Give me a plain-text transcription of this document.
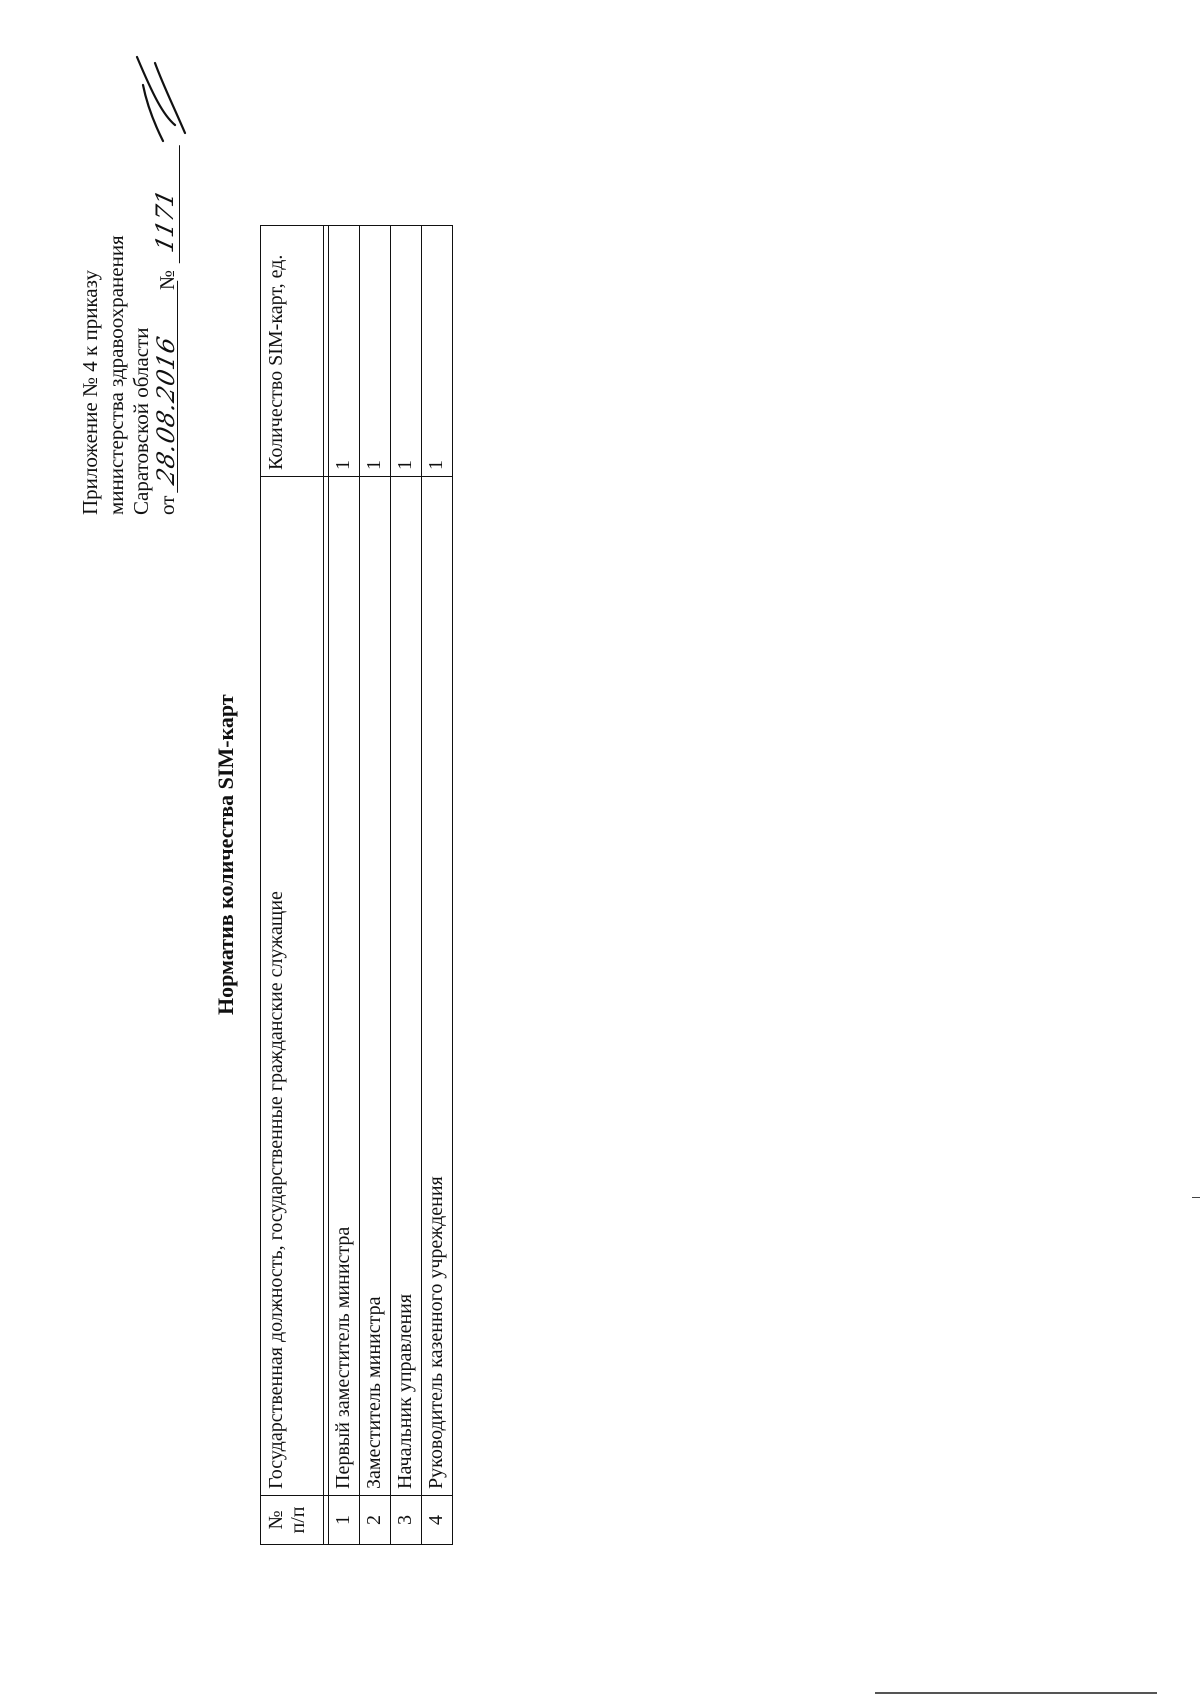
Приложение № 4 к приказу министерства здравоохранения Саратовской области от 28.08.2016
№
1171
Норматив количества SIM-карт
№ п/п	Государственная должность, государственные гражданские служащие	Количество SIM-карт, ед.

1	Первый заместитель министра	1
2	Заместитель министра	1
3	Начальник управления	1
4	Руководитель казенного учреждения	1
